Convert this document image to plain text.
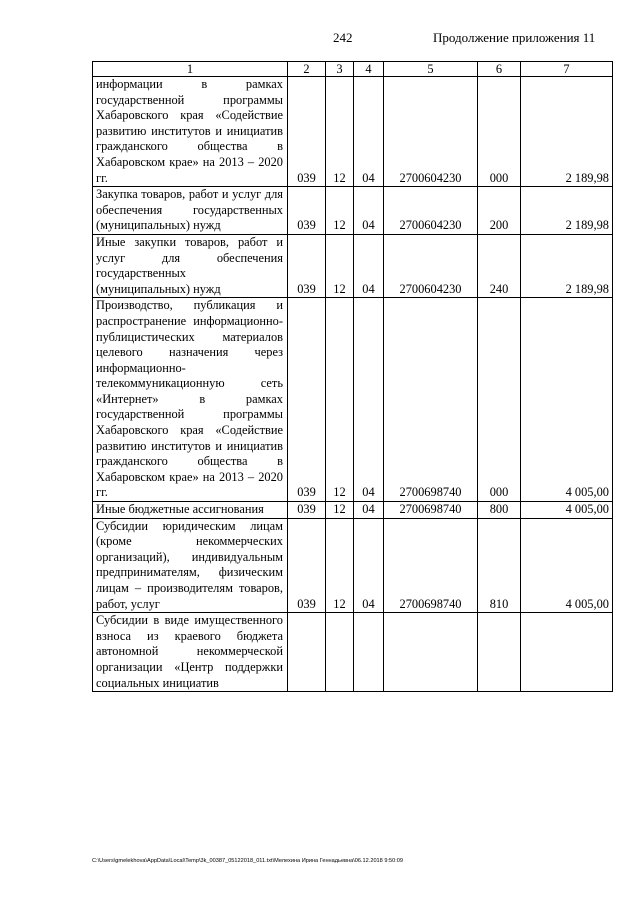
242	Продолжение приложения 11
1	2	3	4	5	6	7
информации в рамках государственной программы Хабаровского края «Содействие развитию институтов и инициатив гражданского общества в Хабаровском крае» на 2013 – 2020 гг.	039	12	04	2700604230	000	2 189,98
Закупка товаров, работ и услуг для обеспечения государственных (муниципальных) нужд	039	12	04	2700604230	200	2 189,98
Иные закупки товаров, работ и услуг для обеспечения государственных (муниципальных) нужд	039	12	04	2700604230	240	2 189,98
Производство, публикация и распространение информационно-публицистических материалов целевого назначения через информационно-телекоммуникационную сеть «Интернет» в рамках государственной программы Хабаровского края «Содействие развитию институтов и инициатив гражданского общества в Хабаровском крае» на 2013 – 2020 гг.	039	12	04	2700698740	000	4 005,00
Иные бюджетные ассигнования	039	12	04	2700698740	800	4 005,00
Субсидии юридическим лицам (кроме некоммерческих организаций), индивидуальным предпринимателям, физическим лицам – производителям товаров, работ, услуг	039	12	04	2700698740	810	4 005,00
Субсидии в виде имущественного взноса из краевого бюджета автономной некоммерческой организации «Центр поддержки социальных инициатив						
C:\Users\gmelekhova\AppData\Local\Temp\3k_00387_05122018_011.txt\Мелехина Ирина Геннадьевна\06.12.2018 9:50:09
